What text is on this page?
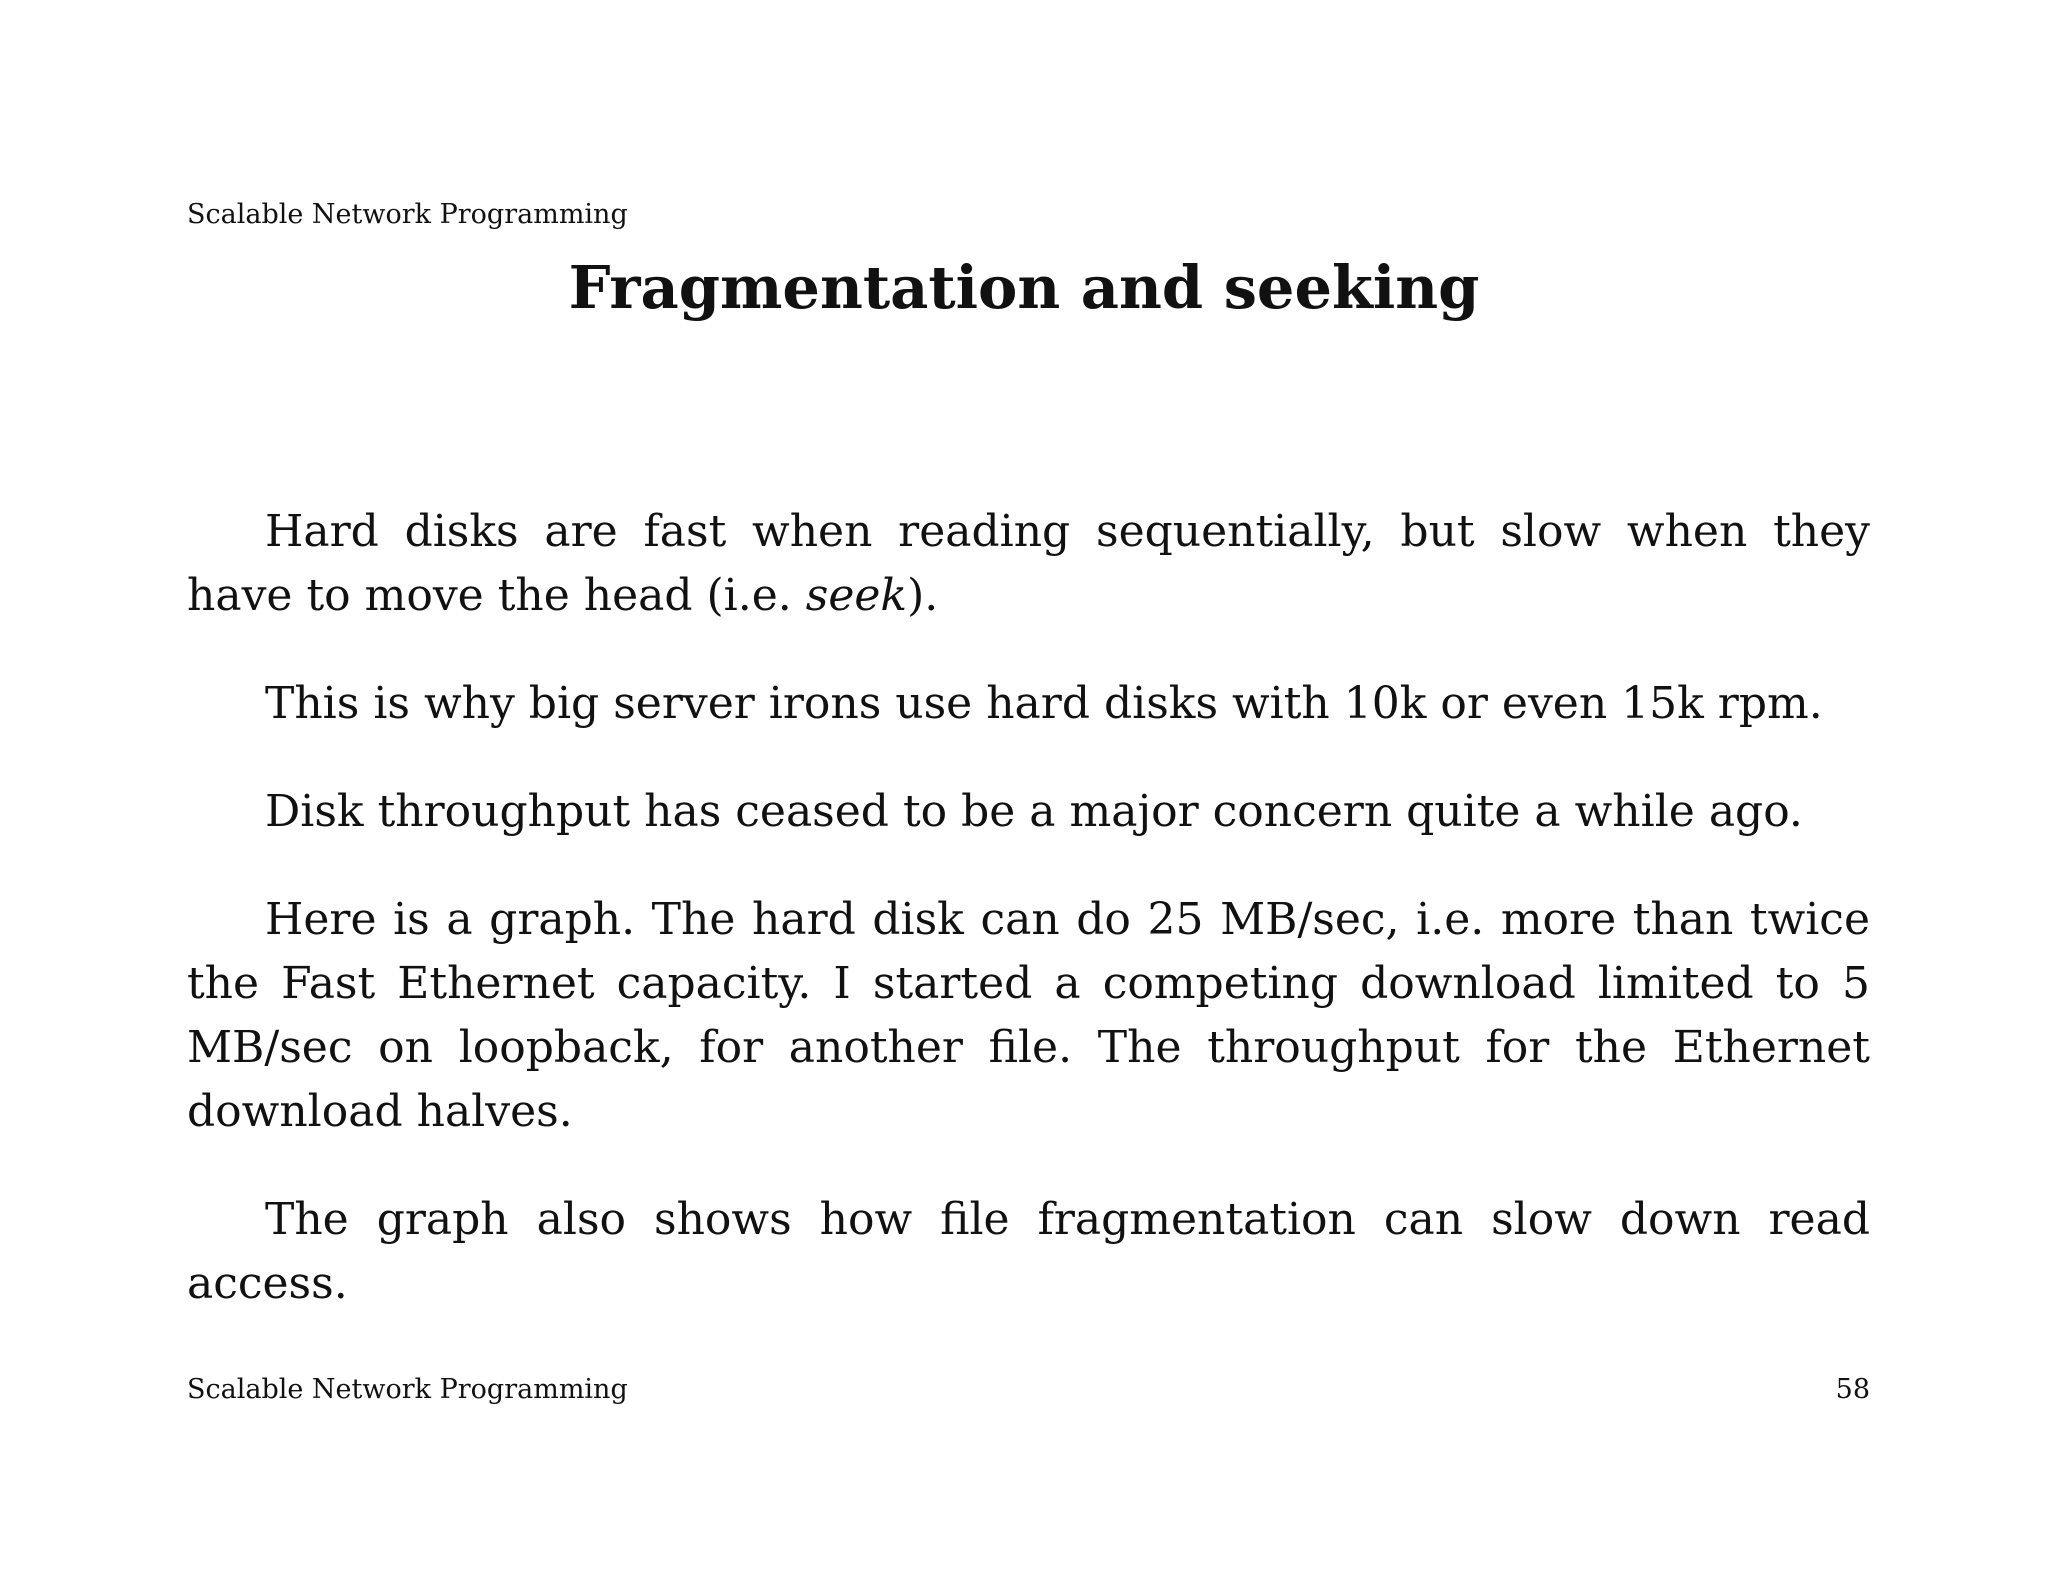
Scalable Network Programming
Fragmentation and seeking

Hard disks are fast when reading sequentially, but slow when they have to move the head (i.e. seek).

This is why big server irons use hard disks with 10k or even 15k rpm.

Disk throughput has ceased to be a major concern quite a while ago.

Here is a graph. The hard disk can do 25 MB/sec, i.e. more than twice the Fast Ethernet capacity. I started a competing download limited to 5 MB/sec on loopback, for another file. The throughput for the Ethernet download halves.

The graph also shows how file fragmentation can slow down read access.

Scalable Network Programming	58
